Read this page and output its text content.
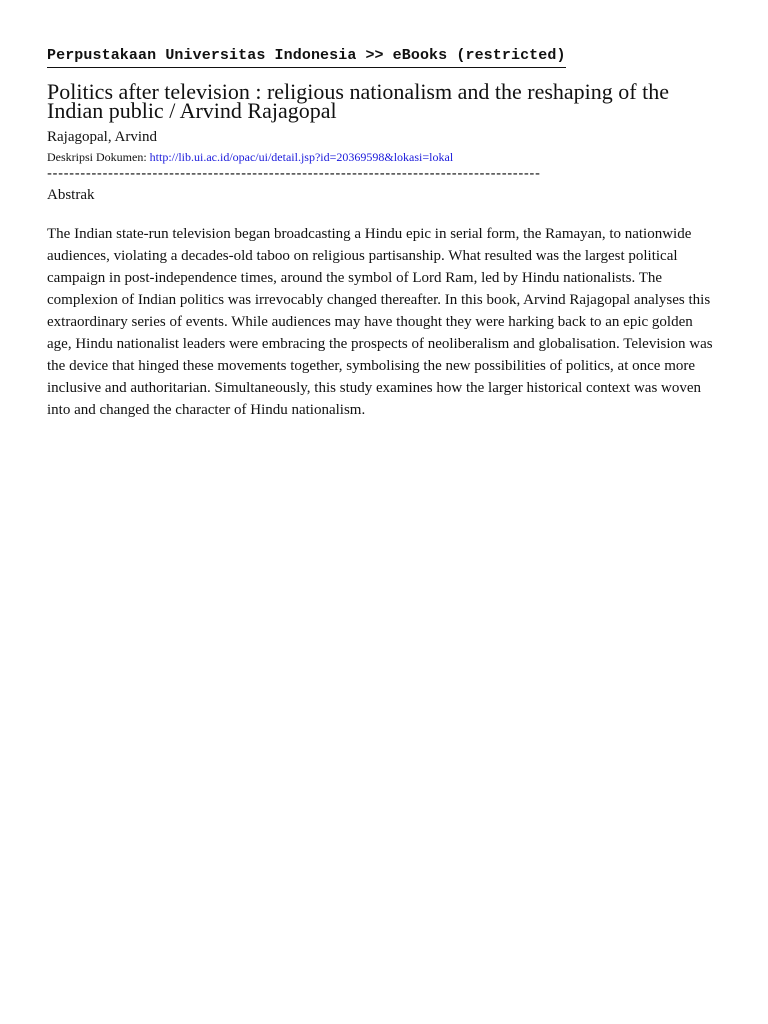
Perpustakaan Universitas Indonesia >> eBooks (restricted)
Politics after television : religious nationalism and the reshaping of the Indian public / Arvind Rajagopal
Rajagopal, Arvind
Deskripsi Dokumen: http://lib.ui.ac.id/opac/ui/detail.jsp?id=20369598&lokasi=lokal
-----------------------------------------------------------------------------------------
Abstrak
The Indian state-run television began broadcasting a Hindu epic in serial form, the Ramayan, to nationwide audiences, violating a decades-old taboo on religious partisanship. What resulted was the largest political campaign in post-independence times, around the symbol of Lord Ram, led by Hindu nationalists. The complexion of Indian politics was irrevocably changed thereafter. In this book, Arvind Rajagopal analyses this extraordinary series of events. While audiences may have thought they were harking back to an epic golden age, Hindu nationalist leaders were embracing the prospects of neoliberalism and globalisation. Television was the device that hinged these movements together, symbolising the new possibilities of politics, at once more inclusive and authoritarian. Simultaneously, this study examines how the larger historical context was woven into and changed the character of Hindu nationalism.
